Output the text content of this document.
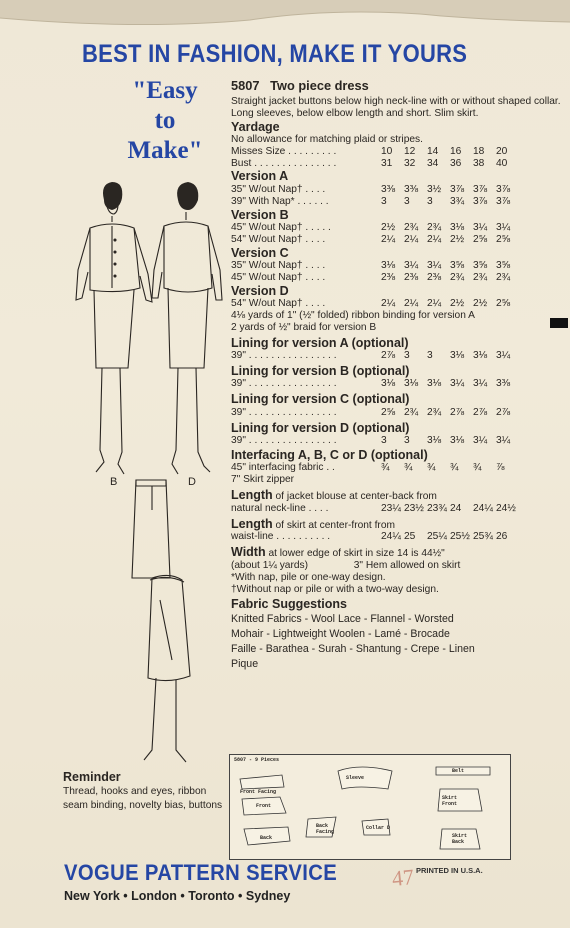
BEST IN FASHION, MAKE IT YOURS
"Easy
to
Make"
B	D
5807 Two piece dress
Straight jacket buttons below high neck-line with or without shaped collar. Long sleeves, below elbow length and short. Slim skirt.
Yardage
No allowance for matching plaid or stripes.
Misses Size . . . . . . . . .	10	12	14	16	18	20
Bust . . . . . . . . . . . . . . .	31	32	34	36	38	40
Version A
35" W/out Nap† . . . .	3⅜ 3⅜ 3½ 3⅞ 3⅞ 3⅞
39" With Nap* . . . . . .	3	3	3	3¾ 3⅞ 3⅞
Version B
45" W/out Nap† . . . . .	2½ 2¾ 2¾ 3⅛ 3¼ 3¼
54" W/out Nap† . . . .	2¼ 2¼ 2¼ 2½ 2⅝ 2⅝
Version C
35" W/out Nap† . . . .	3⅛ 3¼ 3¼ 3⅝ 3⅝ 3⅝
45" W/out Nap† . . . .	2⅜ 2⅜ 2⅜ 2¾ 2¾ 2¾
Version D
54" W/out Nap† . . . .	2¼ 2¼ 2¼ 2½ 2½ 2⅝
4⅛ yards of 1" (½" folded) ribbon binding for version A
2 yards of ½" braid for version B
Lining for version A (optional)
39" . . . . . . . . . . . . . . . .	2⅞ 3	3	3⅛ 3⅛ 3¼
Lining for version B (optional)
39" . . . . . . . . . . . . . . . .	3⅛ 3⅛ 3⅛ 3¼ 3¼ 3⅜
Lining for version C (optional)
39" . . . . . . . . . . . . . . . .	2⅝ 2¾ 2¾ 2⅞ 2⅞ 2⅞
Lining for version D (optional)
39" . . . . . . . . . . . . . . . .	3	3	3⅛ 3⅛ 3¼ 3¼
Interfacing A, B, C or D (optional)
45" interfacing fabric . .	¾	¾	¾	¾	¾	⅞
7" Skirt zipper
Length of jacket blouse at center-back from
natural neck-line . . . .	23¼ 23½ 23¾ 24	24¼ 24½
Length of skirt at center-front from
waist-line . . . . . . . . . .	24¼ 25	25¼ 25½ 25¾ 26
Width at lower edge of skirt in size 14 is 44½"
(about 1¼ yards)	3" Hem allowed on skirt
*With nap, pile or one-way design.
†Without nap or pile or with a two-way design.
Fabric Suggestions
Knitted Fabrics - Wool Lace - Flannel - Worsted
Mohair - Lightweight Woolen - Lamé - Brocade
Faille - Barathea - Surah - Shantung - Crepe - Linen
Pique
5807 - 9 Pieces
Sleeve
Belt
Front Facing
Front
Skirt Front
Back
Back Facing
Collar D
Skirt Back
Reminder
Thread, hooks and eyes, ribbon seam binding, novelty bias, buttons
VOGUE PATTERN SERVICE
New York • London • Toronto • Sydney
PRINTED IN U.S.A.
47
